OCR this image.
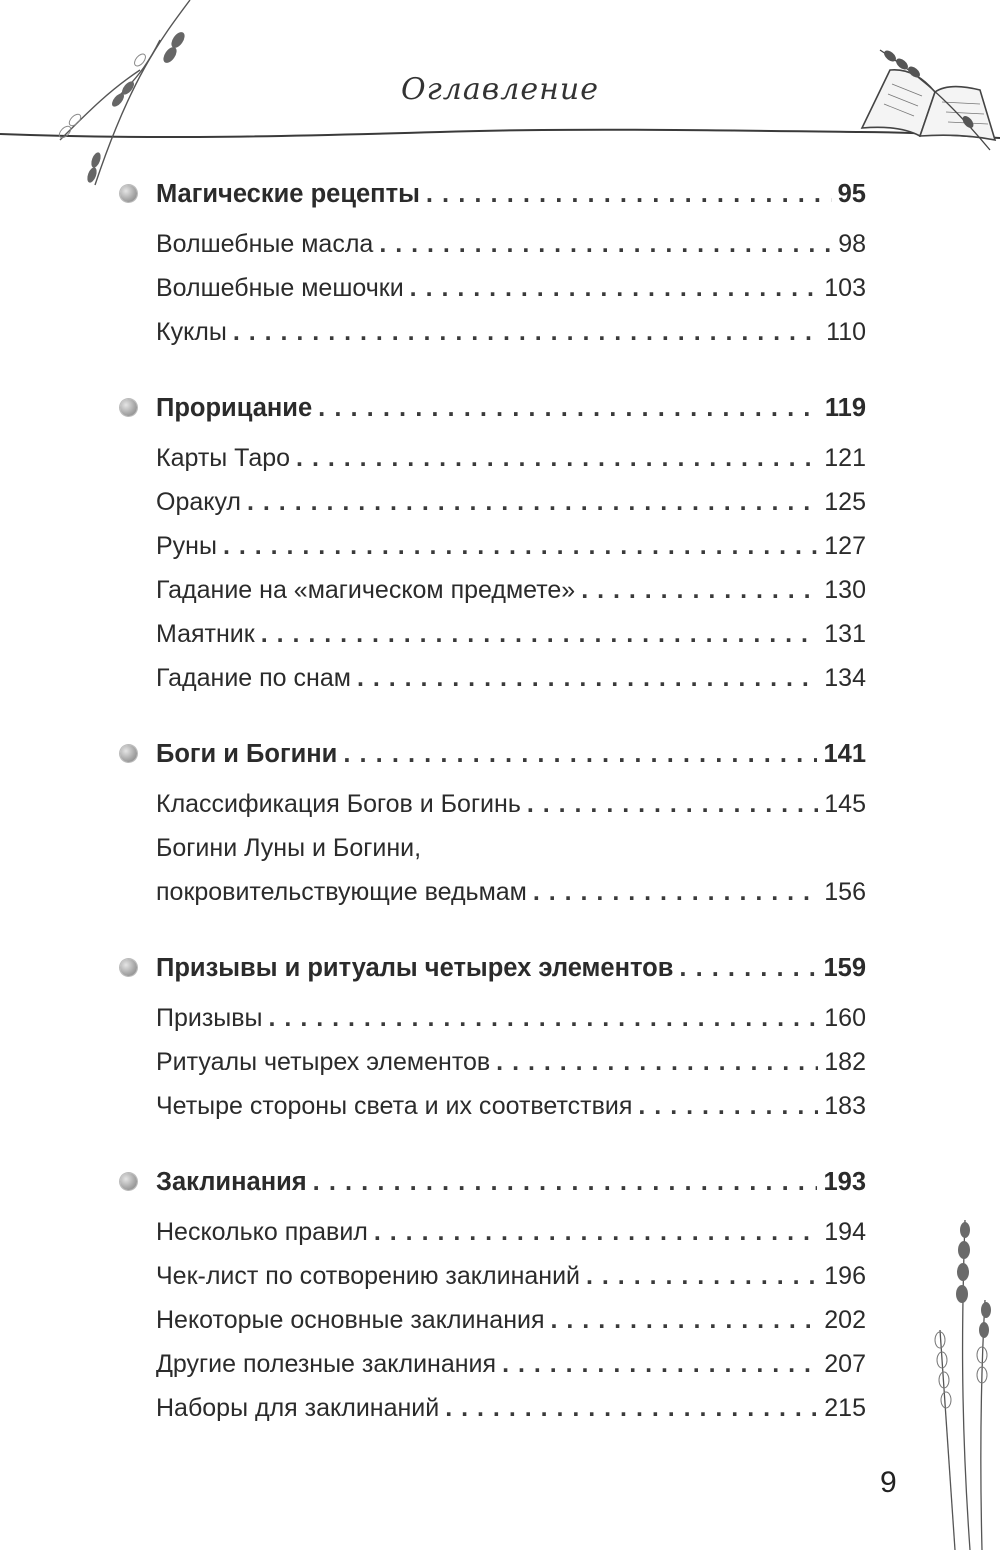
Оглавление
Магические рецепты . . .	95
Волшебные масла . . .	98
Волшебные мешочки . . .	103
Куклы . . .	110
Прорицание . . .	119
Карты Таро . . .	121
Оракул . . .	125
Руны . . .	127
Гадание на «магическом предмете» . . .	130
Маятник . . .	131
Гадание по снам . . .	134
Боги и Богини . . .	141
Классификация Богов и Богинь . . .	145
Богини Луны и Богини,
покровительствующие ведьмам . . .	156
Призывы и ритуалы четырех элементов . . .	159
Призывы . . .	160
Ритуалы четырех элементов . . .	182
Четыре стороны света и их соответствия . . .	183
Заклинания . . .	193
Несколько правил . . .	194
Чек-лист по сотворению заклинаний . . .	196
Некоторые основные заклинания . . .	202
Другие полезные заклинания . . .	207
Наборы для заклинаний . . .	215
9
